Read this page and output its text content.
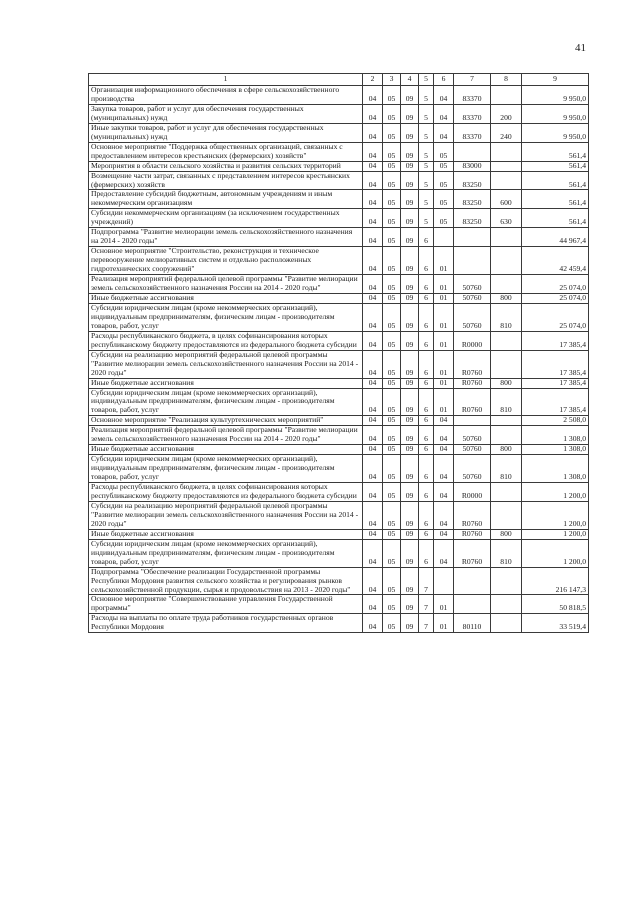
41
1	2	3	4	5	6	7	8	9
Организация информационного обеспечения в сфере сельскохозяйственного производства	04	05	09	5	04	83370		9 950,0
Закупка товаров, работ и услуг для обеспечения государственных (муниципальных) нужд	04	05	09	5	04	83370	200	9 950,0
Иные закупки товаров, работ и услуг для обеспечения государственных (муниципальных) нужд	04	05	09	5	04	83370	240	9 950,0
Основное мероприятие "Поддержка общественных организаций, связанных с предоставлением интересов крестьянских (фермерских) хозяйств"	04	05	09	5	05			561,4
Мероприятия в области сельского хозяйства и развития сельских территорий	04	05	09	5	05	83000		561,4
Возмещение части затрат, связанных с представлением интересов крестьянских (фермерских) хозяйств	04	05	09	5	05	83250		561,4
Предоставление субсидий бюджетным, автономным учреждениям и иным некоммерческим организациям	04	05	09	5	05	83250	600	561,4
Субсидии некоммерческим организациям (за исключением государственных учреждений)	04	05	09	5	05	83250	630	561,4
Подпрограмма "Развитие мелиорации земель сельскохозяйственного назначения на 2014 - 2020 годы"	04	05	09	6				44 967,4
Основное мероприятие "Строительство, реконструкция и техническое перевооружение мелиоративных систем и отдельно расположенных гидротехнических сооружений"	04	05	09	6	01			42 459,4
Реализация мероприятий федеральной целевой программы "Развитие мелиорации земель сельскохозяйственного назначения России на 2014 - 2020 годы"	04	05	09	6	01	50760		25 074,0
Иные бюджетные ассигнования	04	05	09	6	01	50760	800	25 074,0
Субсидии юридическим лицам (кроме некоммерческих организаций), индивидуальным предпринимателям, физическим лицам - производителям товаров, работ, услуг	04	05	09	6	01	50760	810	25 074,0
Расходы республиканского бюджета, в целях софинансирования которых республиканскому бюджету предоставляются из федерального бюджета субсидии	04	05	09	6	01	R0000		17 385,4
Субсидии на реализацию мероприятий федеральной целевой программы "Развитие мелиорации земель сельскохозяйственного назначения России на 2014 - 2020 годы"	04	05	09	6	01	R0760		17 385,4
Иные бюджетные ассигнования	04	05	09	6	01	R0760	800	17 385,4
Субсидии юридическим лицам (кроме некоммерческих организаций), индивидуальным предпринимателям, физическим лицам - производителям товаров, работ, услуг	04	05	09	6	01	R0760	810	17 385,4
Основное мероприятие "Реализация культуртехнических мероприятий"	04	05	09	6	04			2 508,0
Реализация мероприятий федеральной целевой программы "Развитие мелиорации земель сельскохозяйственного назначения России на 2014 - 2020 годы"	04	05	09	6	04	50760		1 308,0
Иные бюджетные ассигнования	04	05	09	6	04	50760	800	1 308,0
Субсидии юридическим лицам (кроме некоммерческих организаций), индивидуальным предпринимателям, физическим лицам - производителям товаров, работ, услуг	04	05	09	6	04	50760	810	1 308,0
Расходы республиканского бюджета, в целях софинансирования которых республиканскому бюджету предоставляются из федерального бюджета субсидии	04	05	09	6	04	R0000		1 200,0
Субсидии на реализацию мероприятий федеральной целевой программы "Развитие мелиорации земель сельскохозяйственного назначения России на 2014 - 2020 годы"	04	05	09	6	04	R0760		1 200,0
Иные бюджетные ассигнования	04	05	09	6	04	R0760	800	1 200,0
Субсидии юридическим лицам (кроме некоммерческих организаций), индивидуальным предпринимателям, физическим лицам - производителям товаров, работ, услуг	04	05	09	6	04	R0760	810	1 200,0
Подпрограмма "Обеспечение реализации Государственной программы Республики Мордовия развития сельского хозяйства и регулирования рынков сельскохозяйственной продукции, сырья и продовольствия на 2013 - 2020 годы"	04	05	09	7				216 147,3
Основное мероприятие "Совершенствование управления Государственной программы"	04	05	09	7	01			50 818,5
Расходы на выплаты по оплате труда работников государственных органов Республики Мордовия	04	05	09	7	01	80110		33 519,4
